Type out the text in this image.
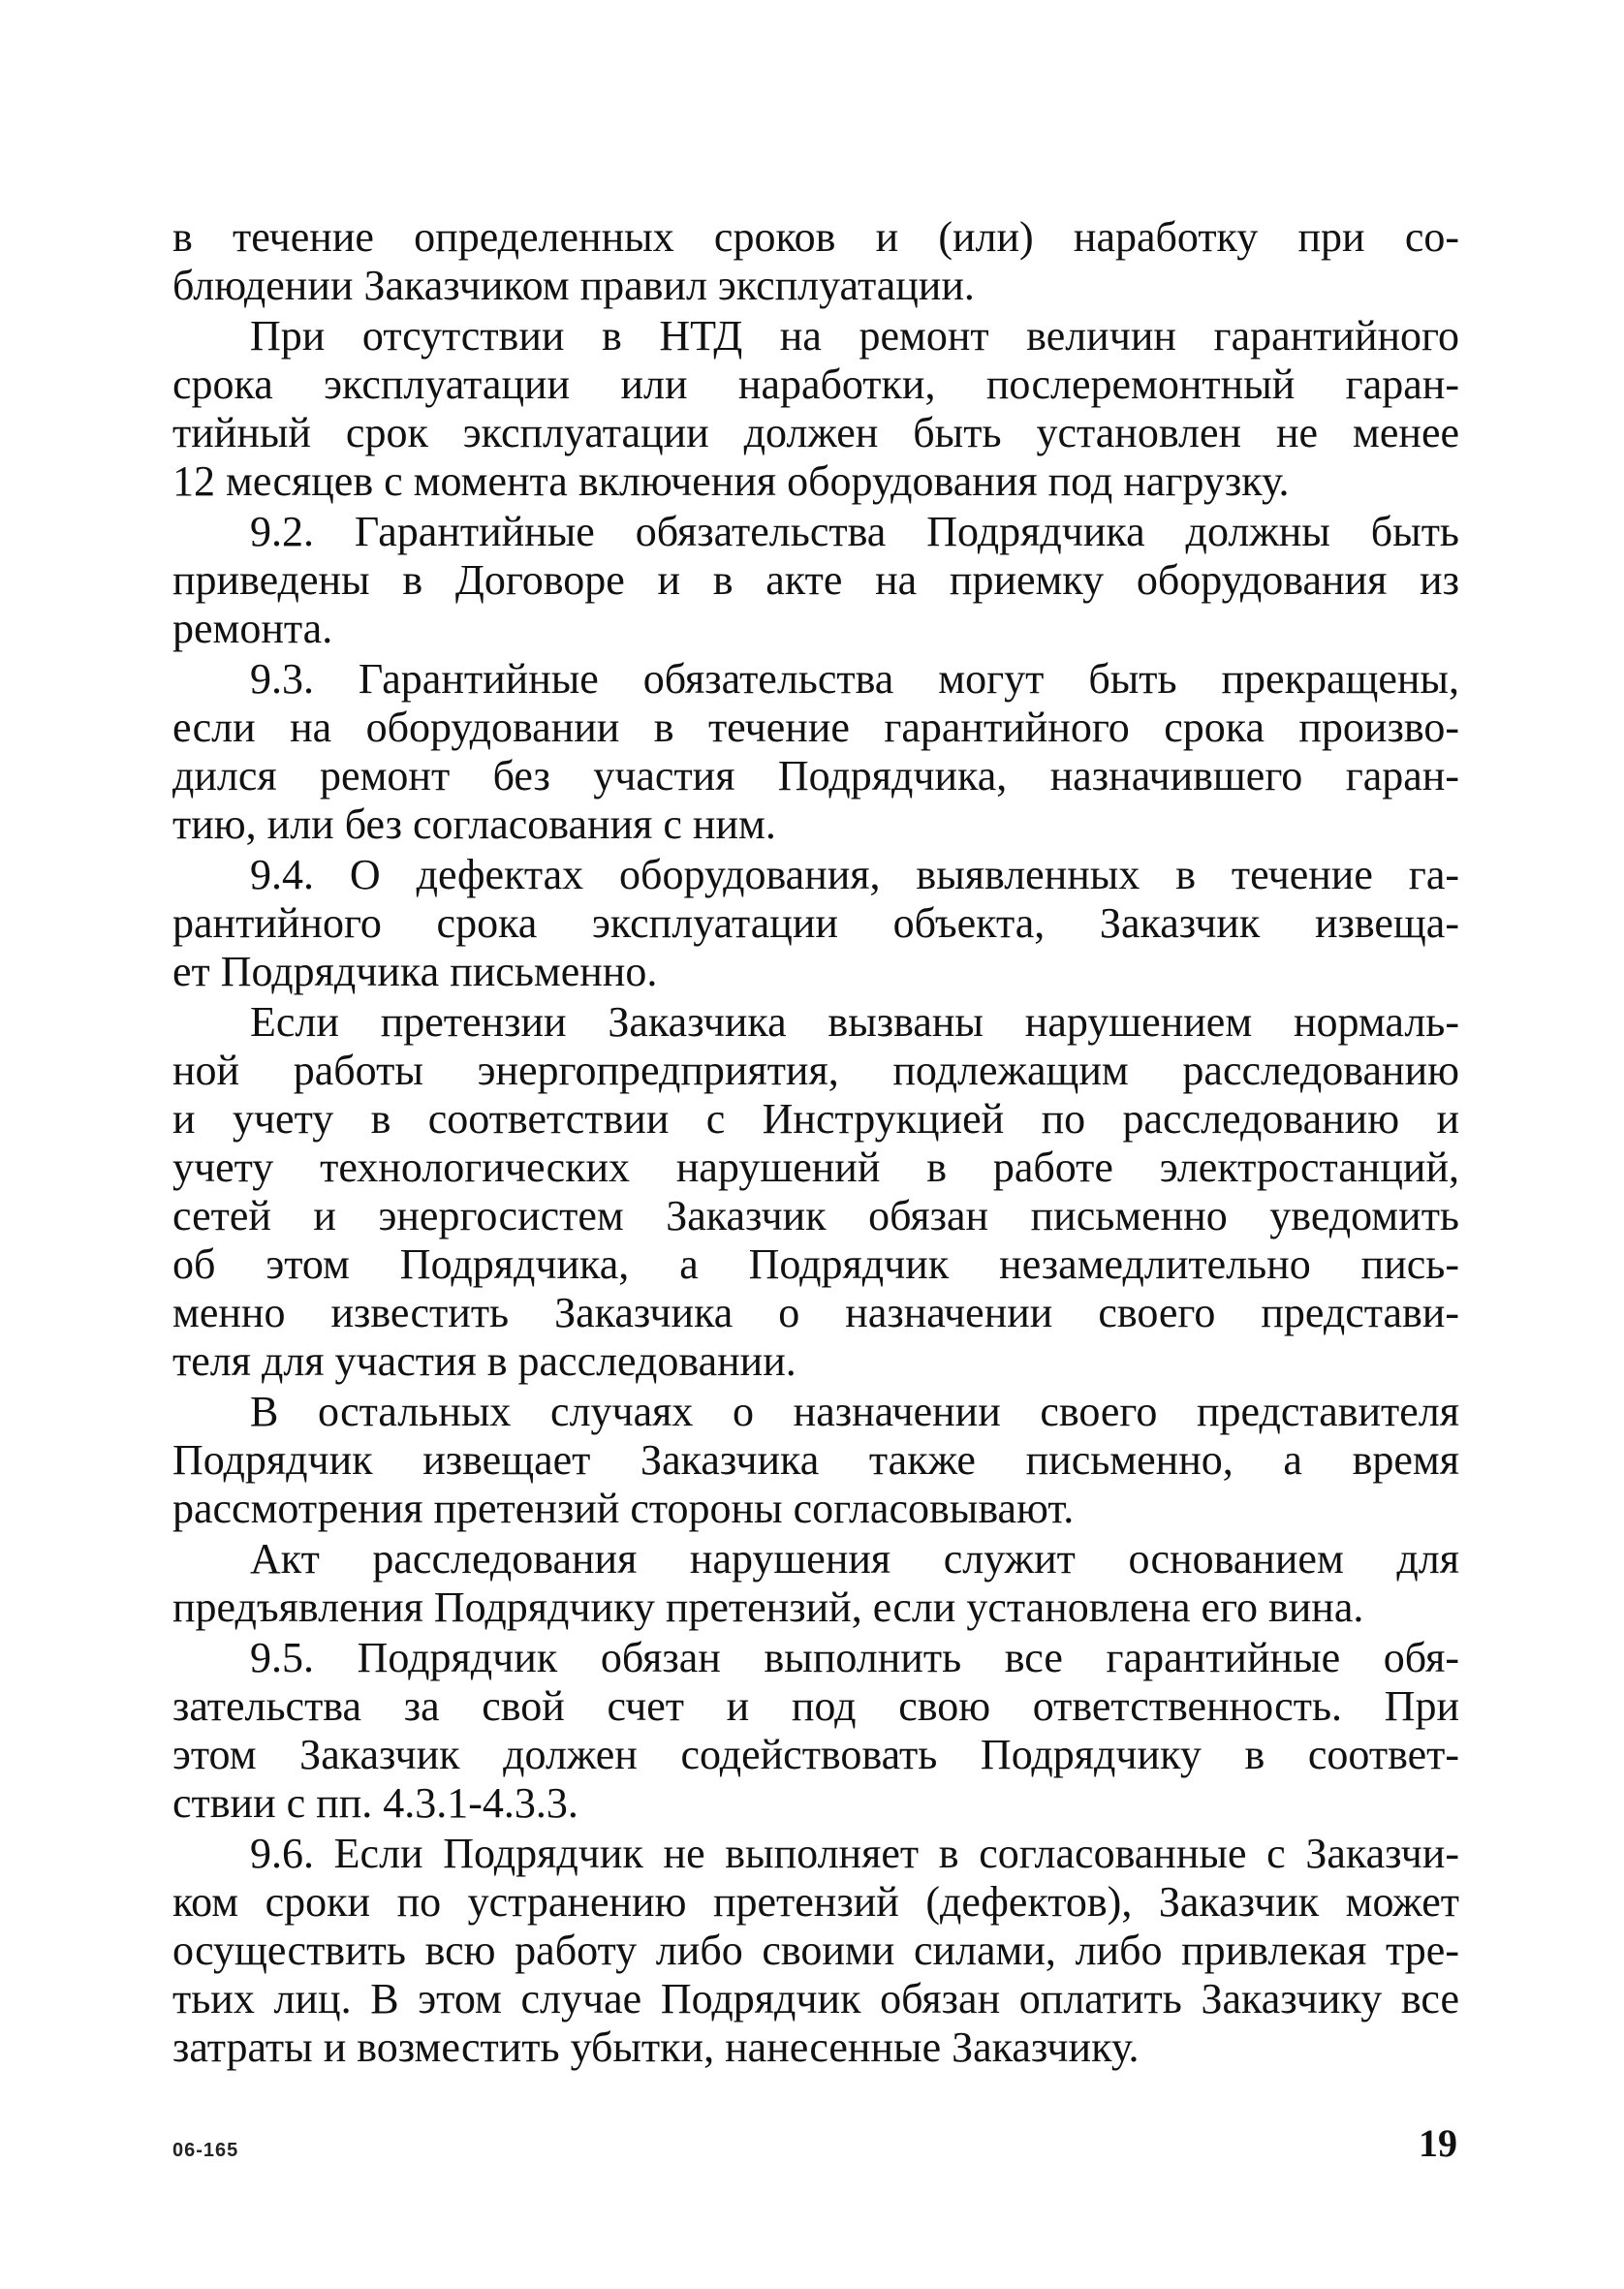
в течение определенных сроков и (или) наработку при со-
блюдении Заказчиком правил эксплуатации.
При отсутствии в НТД на ремонт величин гарантийного
срока эксплуатации или наработки, послеремонтный гаран-
тийный срок эксплуатации должен быть установлен не менее
12 месяцев с момента включения оборудования под нагрузку.
9.2. Гарантийные обязательства Подрядчика должны быть
приведены в Договоре и в акте на приемку оборудования из
ремонта.
9.3. Гарантийные обязательства могут быть прекращены,
если на оборудовании в течение гарантийного срока произво-
дился ремонт без участия Подрядчика, назначившего гаран-
тию, или без согласования с ним.
9.4. О дефектах оборудования, выявленных в течение га-
рантийного срока эксплуатации объекта, Заказчик извеща-
ет Подрядчика письменно.
Если претензии Заказчика вызваны нарушением нормаль-
ной работы энергопредприятия, подлежащим расследованию
и учету в соответствии с Инструкцией по расследованию и
учету технологических нарушений в работе электростанций,
сетей и энергосистем Заказчик обязан письменно уведомить
об этом Подрядчика, а Подрядчик незамедлительно пись-
менно известить Заказчика о назначении своего представи-
теля для участия в расследовании.
В остальных случаях о назначении своего представителя
Подрядчик извещает Заказчика также письменно, а время
рассмотрения претензий стороны согласовывают.
Акт расследования нарушения служит основанием для
предъявления Подрядчику претензий, если установлена его вина.
9.5. Подрядчик обязан выполнить все гарантийные обя-
зательства за свой счет и под свою ответственность. При
этом Заказчик должен содействовать Подрядчику в соответ-
ствии с пп. 4.3.1-4.3.3.
9.6. Если Подрядчик не выполняет в согласованные с Заказчи-
ком сроки по устранению претензий (дефектов), Заказчик может
осуществить всю работу либо своими силами, либо привлекая тре-
тьих лиц. В этом случае Подрядчик обязан оплатить Заказчику все
затраты и возместить убытки, нанесенные Заказчику.
06-165	19
